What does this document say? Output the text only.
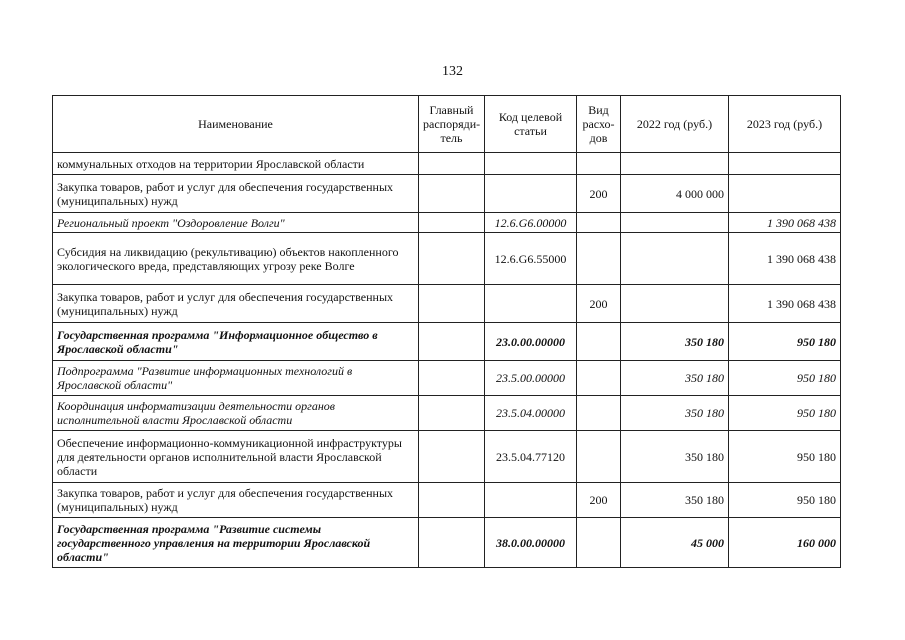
132
Наименование	Главный распоряди-тель	Код целевой статьи	Вид расхо-дов	2022 год (руб.)	2023 год (руб.)
коммунальных отходов на территории Ярославской области					
Закупка товаров, работ и услуг для обеспечения государственных (муниципальных) нужд			200	4 000 000	
Региональный проект "Оздоровление Волги"		12.6.G6.00000			1 390 068 438
Субсидия на ликвидацию (рекультивацию) объектов накопленного экологического вреда, представляющих угрозу реке Волге		12.6.G6.55000			1 390 068 438
Закупка товаров, работ и услуг для обеспечения государственных (муниципальных) нужд			200		1 390 068 438
Государственная программа "Информационное общество в Ярославской области"		23.0.00.00000		350 180	950 180
Подпрограмма "Развитие информационных технологий в Ярославской области"		23.5.00.00000		350 180	950 180
Координация информатизации деятельности органов исполнительной власти Ярославской области		23.5.04.00000		350 180	950 180
Обеспечение информационно-коммуникационной инфраструктуры для деятельности органов исполнительной власти Ярославской области		23.5.04.77120		350 180	950 180
Закупка товаров, работ и услуг для обеспечения государственных (муниципальных) нужд			200	350 180	950 180
Государственная программа "Развитие системы государственного управления на территории Ярославской области"		38.0.00.00000		45 000	160 000
